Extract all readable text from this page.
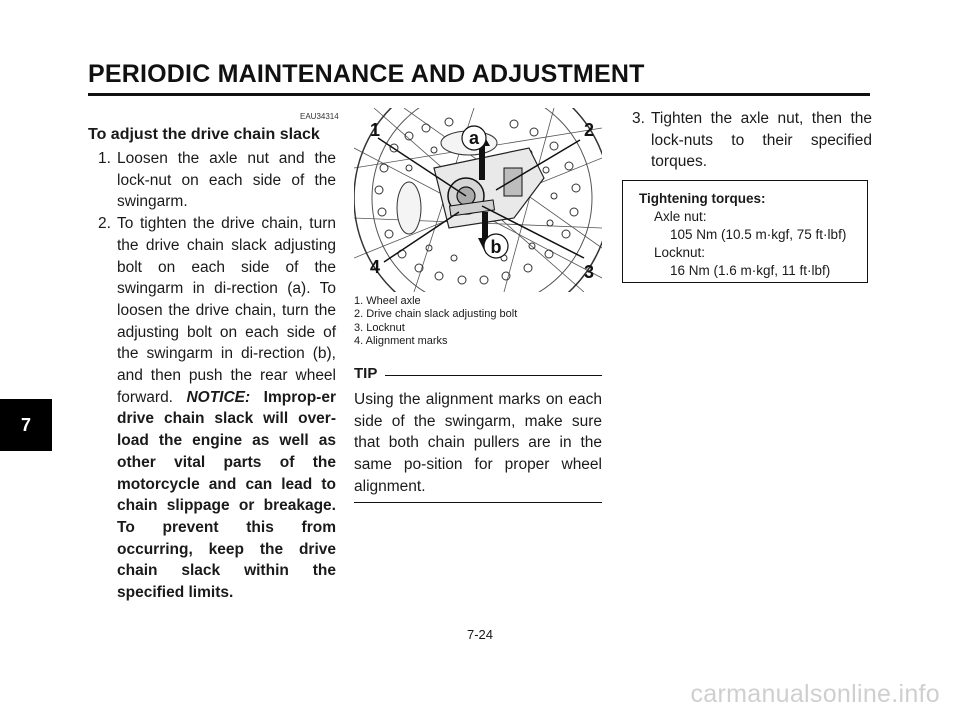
PERIODIC MAINTENANCE AND ADJUSTMENT
7
EAU34314
To adjust the drive chain slack
1. Loosen the axle nut and the lock-nut on each side of the swingarm.
2. To tighten the drive chain, turn the drive chain slack adjusting bolt on each side of the swingarm in di-rection (a). To loosen the drive chain, turn the adjusting bolt on each side of the swingarm in di-rection (b), and then push the rear wheel forward. NOTICE: Improp-er drive chain slack will over-load the engine as well as other vital parts of the motorcycle and can lead to chain slippage or breakage. To prevent this from occurring, keep the drive chain slack within the specified limits.
a
b
1	2
3
4
1. Wheel axle
2. Drive chain slack adjusting bolt
3. Locknut
4. Alignment marks
TIP
Using the alignment marks on each side of the swingarm, make sure that both chain pullers are in the same po-sition for proper wheel alignment.
3. Tighten the axle nut, then the lock-nuts to their specified torques.
Tightening torques:
Axle nut:
105 Nm (10.5 m·kgf, 75 ft·lbf)
Locknut:
16 Nm (1.6 m·kgf, 11 ft·lbf)
7-24
carmanualsonline.info
